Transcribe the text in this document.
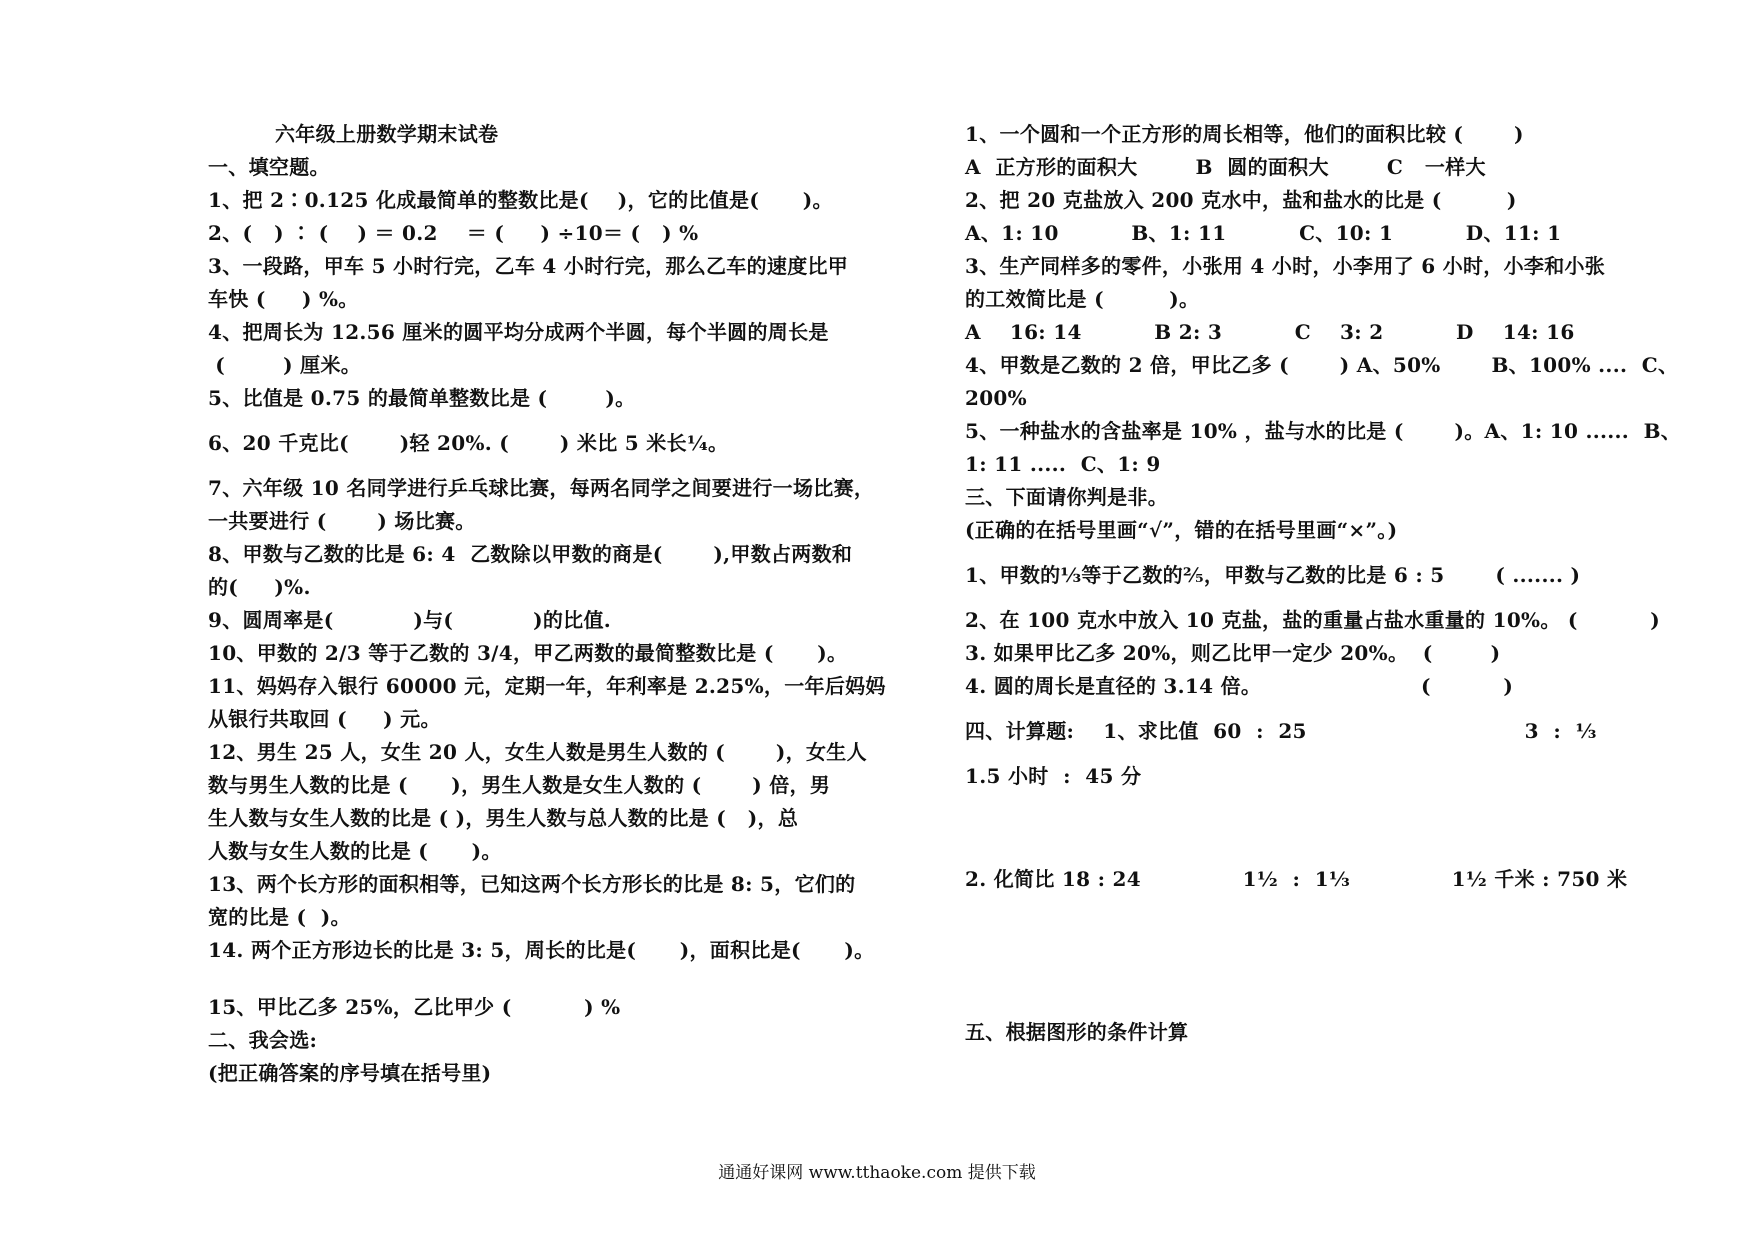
六年级上册数学期末试卷
一、填空题。
1、把 2∶0.125 化成最简单的整数比是(    )，它的比值是(      )。
2、(   ) ∶ (    ) ＝ 0.2    ＝ (     ) ÷10＝ (   ) %
3、一段路，甲车 5 小时行完，乙车 4 小时行完，那么乙车的速度比甲
车快 (     ) %。
4、把周长为 12.56 厘米的圆平均分成两个半圆，每个半圆的周长是
(        ) 厘米。
5、比值是 0.75 的最简单整数比是 (        )。
6、20 千克比(       )轻 20%. (       ) 米比 5 米长¼。
7、六年级 10 名同学进行乒乓球比赛，每两名同学之间要进行一场比赛，
一共要进行 (       ) 场比赛。
8、甲数与乙数的比是 6: 4  乙数除以甲数的商是(       ),甲数占两数和
的(     )%.
9、圆周率是(           )与(           )的比值.
10、甲数的 2/3 等于乙数的 3/4，甲乙两数的最简整数比是 (      )。
11、妈妈存入银行 60000 元，定期一年，年利率是 2.25%，一年后妈妈
从银行共取回 (     ) 元。
12、男生 25 人，女生 20 人，女生人数是男生人数的 (       )，女生人
数与男生人数的比是 (      )，男生人数是女生人数的 (       ) 倍，男
生人数与女生人数的比是 ( )，男生人数与总人数的比是 (   )，总
人数与女生人数的比是 (      )。
13、两个长方形的面积相等，已知这两个长方形长的比是 8: 5，它们的
宽的比是 (  )。
14. 两个正方形边长的比是 3: 5，周长的比是(      )，面积比是(      )。
15、甲比乙多 25%，乙比甲少 (          ) %
二、我会选:
(把正确答案的序号填在括号里)
1、一个圆和一个正方形的周长相等，他们的面积比较 (       )
A  正方形的面积大        B  圆的面积大        C   一样大
2、把 20 克盐放入 200 克水中，盐和盐水的比是 (         )
A、1: 10          B、1: 11          C、10: 1          D、11: 1
3、生产同样多的零件，小张用 4 小时，小李用了 6 小时，小李和小张
的工效简比是 (         )。
A    16: 14          B 2: 3          C    3: 2          D    14: 16
4、甲数是乙数的 2 倍，甲比乙多 (       ) A、50%       B、100% ....  C、
200%
5、一种盐水的含盐率是 10% ，盐与水的比是 (       )。A、1: 10 ......  B、
1: 11 .....  C、1: 9
三、下面请你判是非。
(正确的在括号里画“√”，错的在括号里画“×”。)
1、甲数的⅓等于乙数的⅖，甲数与乙数的比是 6 : 5       ( ....... )
2、在 100 克水中放入 10 克盐，盐的重量占盐水重量的 10%。 (          )
3. 如果甲比乙多 20%，则乙比甲一定少 20%。  (        )
4. 圆的周长是直径的 3.14 倍。                      (          )
四、计算题:    1、求比值  60  :  25                              3  :  ⅓
1.5 小时  :  45 分
2. 化简比 18 : 24              1½  :  1⅓              1½ 千米 : 750 米
五、根据图形的条件计算
通通好课网 www.tthaoke.com 提供下载
